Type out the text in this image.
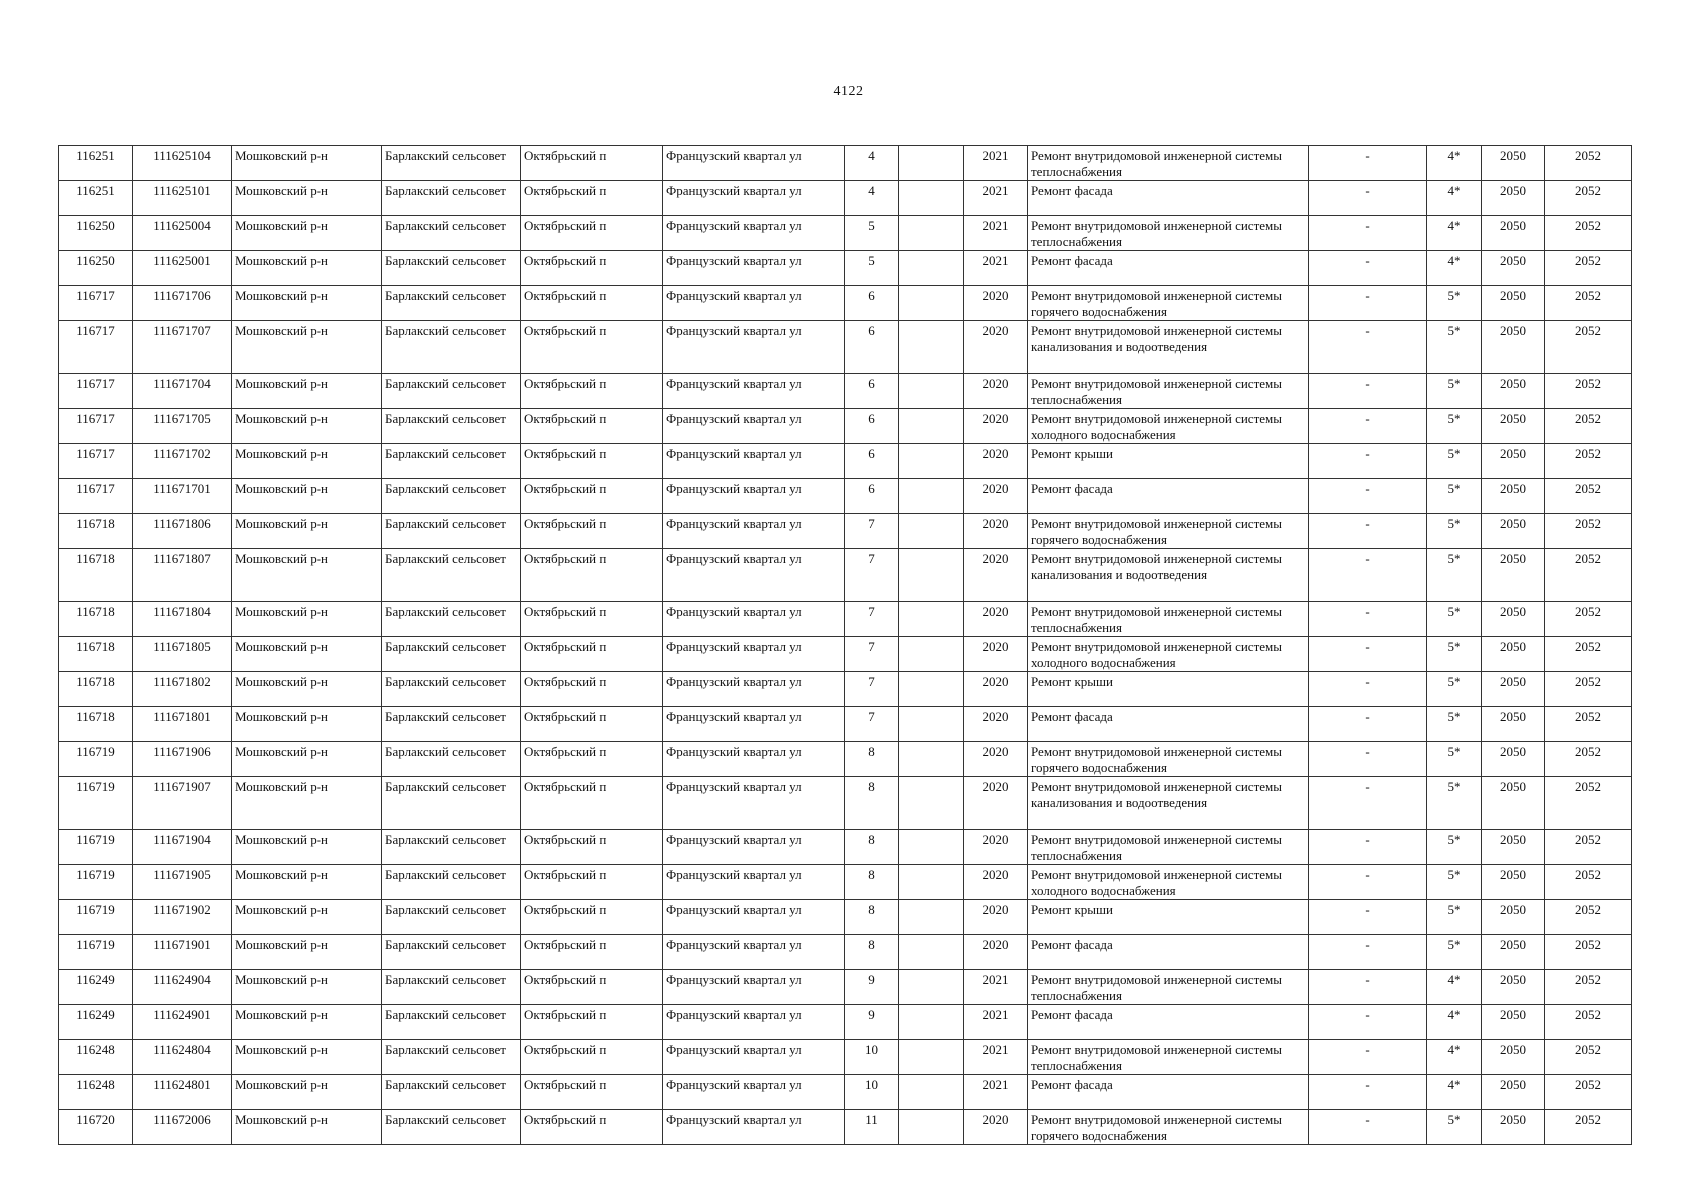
4122
116251	111625104	Мошковский р-н	Барлакский сельсовет	Октябрьский п	Французский квартал ул	4		2021	Ремонт внутридомовой инженерной системы теплоснабжения	-	4*	2050	2052
116251	111625101	Мошковский р-н	Барлакский сельсовет	Октябрьский п	Французский квартал ул	4		2021	Ремонт фасада	-	4*	2050	2052
116250	111625004	Мошковский р-н	Барлакский сельсовет	Октябрьский п	Французский квартал ул	5		2021	Ремонт внутридомовой инженерной системы теплоснабжения	-	4*	2050	2052
116250	111625001	Мошковский р-н	Барлакский сельсовет	Октябрьский п	Французский квартал ул	5		2021	Ремонт фасада	-	4*	2050	2052
116717	111671706	Мошковский р-н	Барлакский сельсовет	Октябрьский п	Французский квартал ул	6		2020	Ремонт внутридомовой инженерной системы горячего водоснабжения	-	5*	2050	2052
116717	111671707	Мошковский р-н	Барлакский сельсовет	Октябрьский п	Французский квартал ул	6		2020	Ремонт внутридомовой инженерной системы канализования и водоотведения	-	5*	2050	2052
116717	111671704	Мошковский р-н	Барлакский сельсовет	Октябрьский п	Французский квартал ул	6		2020	Ремонт внутридомовой инженерной системы теплоснабжения	-	5*	2050	2052
116717	111671705	Мошковский р-н	Барлакский сельсовет	Октябрьский п	Французский квартал ул	6		2020	Ремонт внутридомовой инженерной системы холодного водоснабжения	-	5*	2050	2052
116717	111671702	Мошковский р-н	Барлакский сельсовет	Октябрьский п	Французский квартал ул	6		2020	Ремонт крыши	-	5*	2050	2052
116717	111671701	Мошковский р-н	Барлакский сельсовет	Октябрьский п	Французский квартал ул	6		2020	Ремонт фасада	-	5*	2050	2052
116718	111671806	Мошковский р-н	Барлакский сельсовет	Октябрьский п	Французский квартал ул	7		2020	Ремонт внутридомовой инженерной системы горячего водоснабжения	-	5*	2050	2052
116718	111671807	Мошковский р-н	Барлакский сельсовет	Октябрьский п	Французский квартал ул	7		2020	Ремонт внутридомовой инженерной системы канализования и водоотведения	-	5*	2050	2052
116718	111671804	Мошковский р-н	Барлакский сельсовет	Октябрьский п	Французский квартал ул	7		2020	Ремонт внутридомовой инженерной системы теплоснабжения	-	5*	2050	2052
116718	111671805	Мошковский р-н	Барлакский сельсовет	Октябрьский п	Французский квартал ул	7		2020	Ремонт внутридомовой инженерной системы холодного водоснабжения	-	5*	2050	2052
116718	111671802	Мошковский р-н	Барлакский сельсовет	Октябрьский п	Французский квартал ул	7		2020	Ремонт крыши	-	5*	2050	2052
116718	111671801	Мошковский р-н	Барлакский сельсовет	Октябрьский п	Французский квартал ул	7		2020	Ремонт фасада	-	5*	2050	2052
116719	111671906	Мошковский р-н	Барлакский сельсовет	Октябрьский п	Французский квартал ул	8		2020	Ремонт внутридомовой инженерной системы горячего водоснабжения	-	5*	2050	2052
116719	111671907	Мошковский р-н	Барлакский сельсовет	Октябрьский п	Французский квартал ул	8		2020	Ремонт внутридомовой инженерной системы канализования и водоотведения	-	5*	2050	2052
116719	111671904	Мошковский р-н	Барлакский сельсовет	Октябрьский п	Французский квартал ул	8		2020	Ремонт внутридомовой инженерной системы теплоснабжения	-	5*	2050	2052
116719	111671905	Мошковский р-н	Барлакский сельсовет	Октябрьский п	Французский квартал ул	8		2020	Ремонт внутридомовой инженерной системы холодного водоснабжения	-	5*	2050	2052
116719	111671902	Мошковский р-н	Барлакский сельсовет	Октябрьский п	Французский квартал ул	8		2020	Ремонт крыши	-	5*	2050	2052
116719	111671901	Мошковский р-н	Барлакский сельсовет	Октябрьский п	Французский квартал ул	8		2020	Ремонт фасада	-	5*	2050	2052
116249	111624904	Мошковский р-н	Барлакский сельсовет	Октябрьский п	Французский квартал ул	9		2021	Ремонт внутридомовой инженерной системы теплоснабжения	-	4*	2050	2052
116249	111624901	Мошковский р-н	Барлакский сельсовет	Октябрьский п	Французский квартал ул	9		2021	Ремонт фасада	-	4*	2050	2052
116248	111624804	Мошковский р-н	Барлакский сельсовет	Октябрьский п	Французский квартал ул	10		2021	Ремонт внутридомовой инженерной системы теплоснабжения	-	4*	2050	2052
116248	111624801	Мошковский р-н	Барлакский сельсовет	Октябрьский п	Французский квартал ул	10		2021	Ремонт фасада	-	4*	2050	2052
116720	111672006	Мошковский р-н	Барлакский сельсовет	Октябрьский п	Французский квартал ул	11		2020	Ремонт внутридомовой инженерной системы горячего водоснабжения	-	5*	2050	2052
